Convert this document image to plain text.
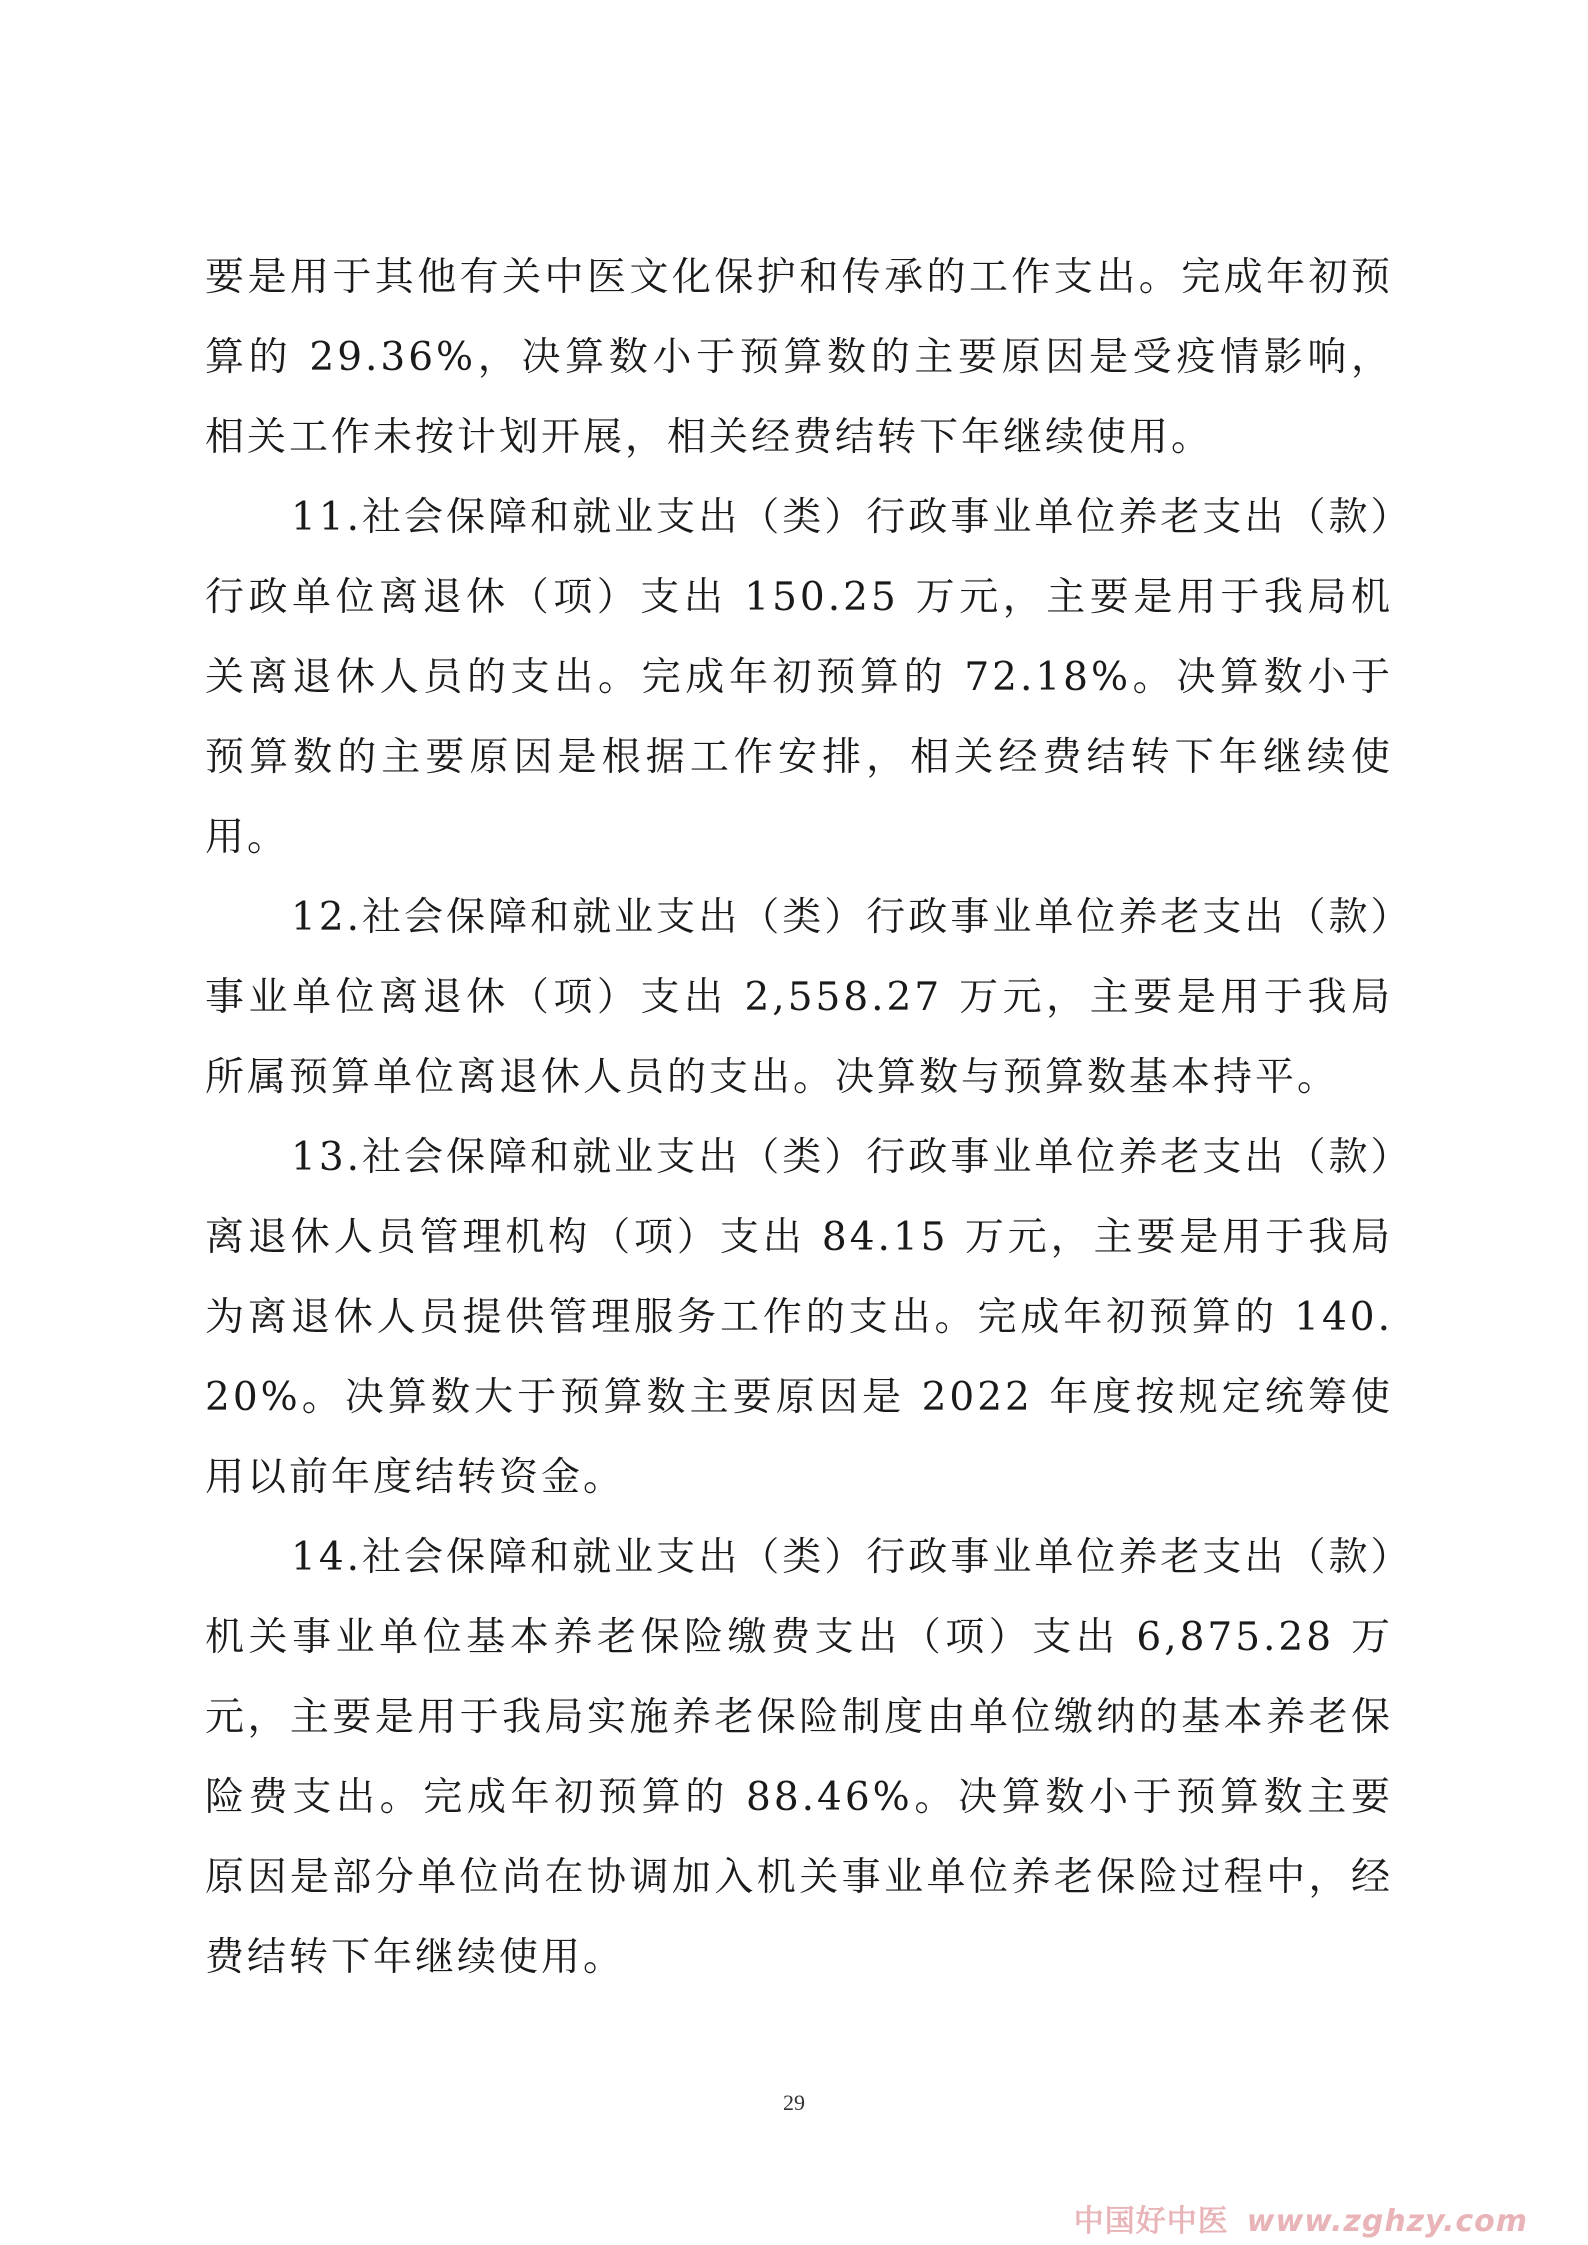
要是用于其他有关中医文化保护和传承的工作支出。完成年初预算的 29.36%，决算数小于预算数的主要原因是受疫情影响，相关工作未按计划开展，相关经费结转下年继续使用。

11.社会保障和就业支出（类）行政事业单位养老支出（款）行政单位离退休（项）支出 150.25 万元，主要是用于我局机关离退休人员的支出。完成年初预算的 72.18%。决算数小于预算数的主要原因是根据工作安排，相关经费结转下年继续使用。

12.社会保障和就业支出（类）行政事业单位养老支出（款）事业单位离退休（项）支出 2,558.27 万元，主要是用于我局所属预算单位离退休人员的支出。决算数与预算数基本持平。

13.社会保障和就业支出（类）行政事业单位养老支出（款）离退休人员管理机构（项）支出 84.15 万元，主要是用于我局为离退休人员提供管理服务工作的支出。完成年初预算的 140.20%。决算数大于预算数主要原因是 2022 年度按规定统筹使用以前年度结转资金。

14.社会保障和就业支出（类）行政事业单位养老支出（款）机关事业单位基本养老保险缴费支出（项）支出 6,875.28 万元，主要是用于我局实施养老保险制度由单位缴纳的基本养老保险费支出。完成年初预算的 88.46%。决算数小于预算数主要原因是部分单位尚在协调加入机关事业单位养老保险过程中，经费结转下年继续使用。

29
中国好中医 www.zghzy.com
